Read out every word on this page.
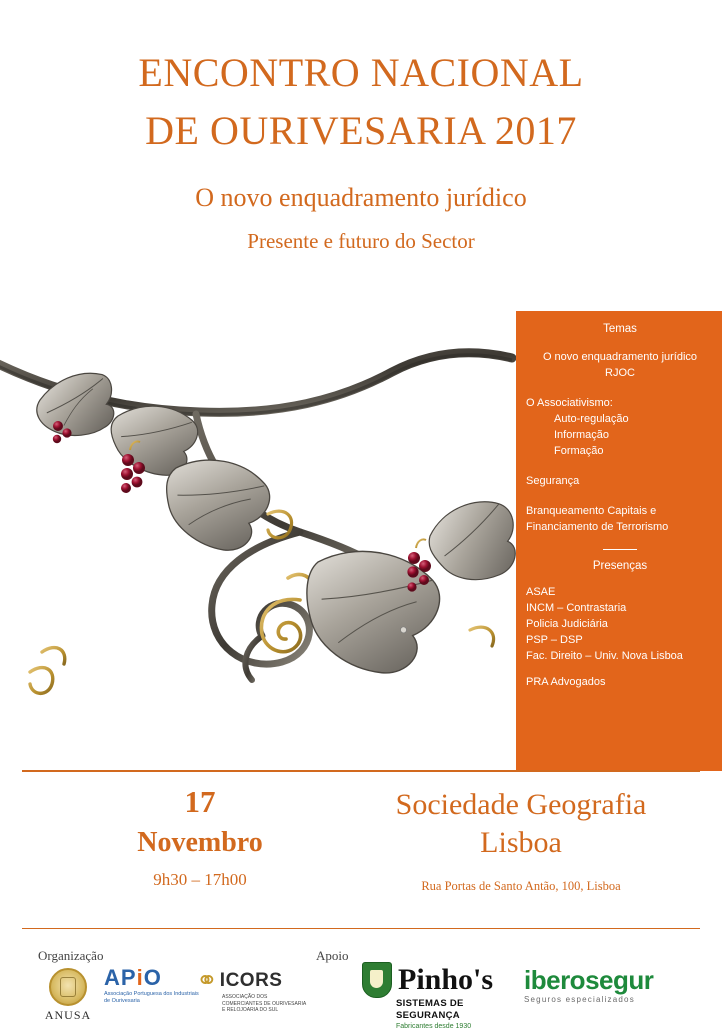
ENCONTRO NACIONAL
DE OURIVESARIA 2017
O novo enquadramento jurídico
Presente e futuro do Sector
Temas
O novo enquadramento jurídico
RJOC
O Associativismo:
Auto-regulação
Informação
Formação
Segurança
Branqueamento Capitais e
Financiamento de Terrorismo
Presenças
ASAE
INCM – Contrastaria
Policia Judiciária
PSP – DSP
Fac. Direito – Univ. Nova Lisboa
PRA Advogados
17
Novembro
9h30 – 17h00
Sociedade Geografia
Lisboa
Rua Portas de Santo Antão, 100, Lisboa
Organização	Apoio
ANUSA
APiO
Associação Portuguesa dos Industriais de Ourivesaria
⚭ ICORS
ASSOCIAÇÃO DOS COMERCIANTES DE OURIVESARIA E RELOJOARIA DO SUL
Pinho's
SISTEMAS DE SEGURANÇA
Fabricantes desde 1930
iberosegur
Seguros especializados
